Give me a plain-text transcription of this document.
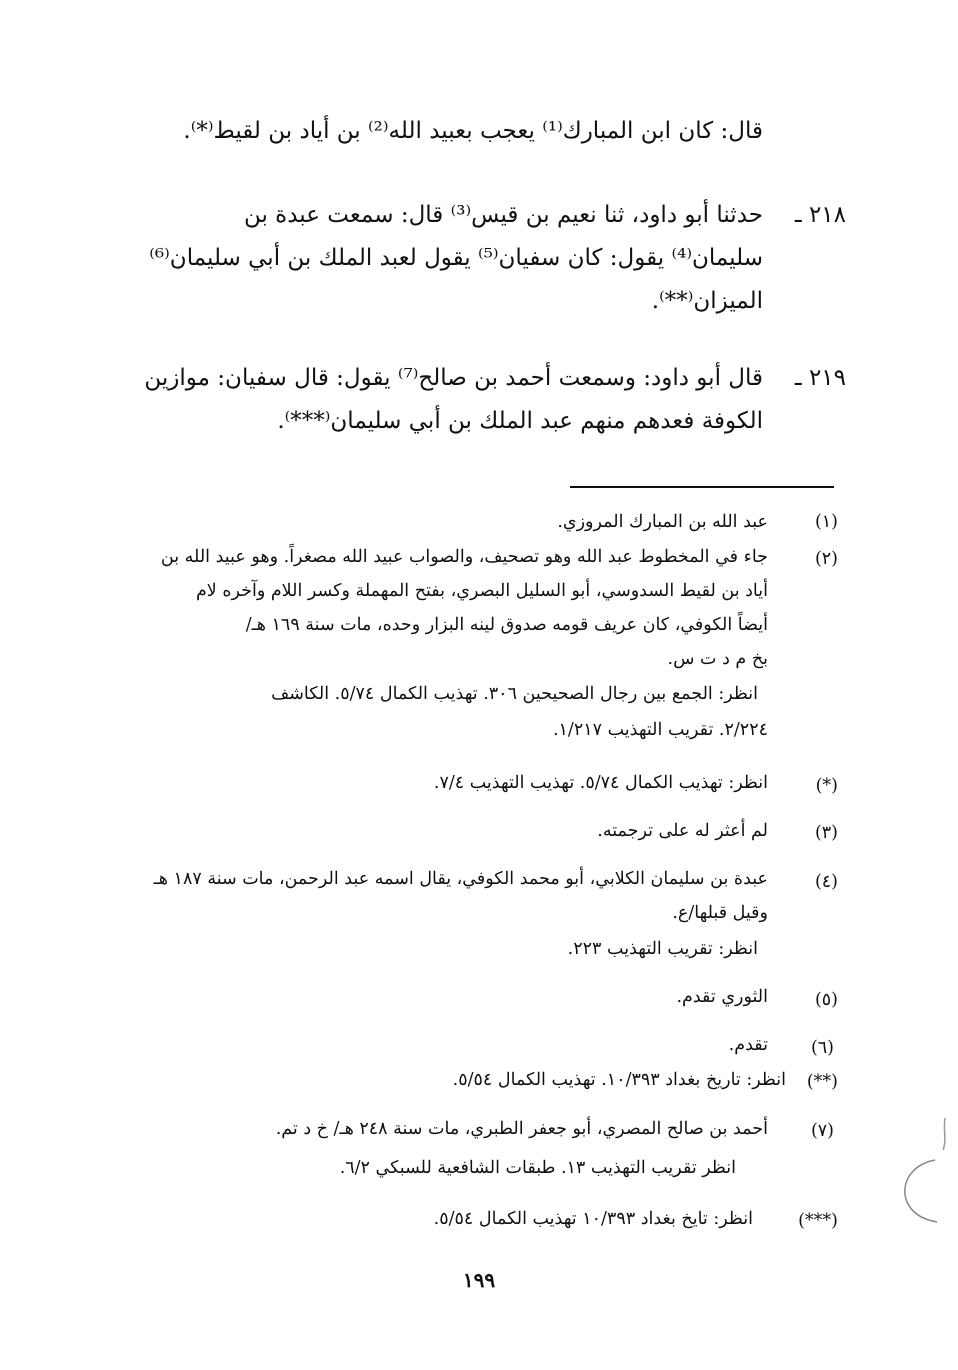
قال: كان ابن المبارك⁽¹⁾ يعجب بعبيد الله⁽²⁾ بن أياد بن لقيط⁽*⁾.
٢١٨ ـ
حدثنا أبو داود، ثنا نعيم بن قيس⁽³⁾ قال: سمعت عبدة بن
سليمان⁽⁴⁾ يقول: كان سفيان⁽⁵⁾ يقول لعبد الملك بن أبي سليمان⁽⁶⁾
الميزان⁽**⁾.
٢١٩ ـ
قال أبو داود: وسمعت أحمد بن صالح⁽⁷⁾ يقول: قال سفيان: موازين
الكوفة فعدهم منهم عبد الملك بن أبي سليمان⁽***⁾.
(١)
عبد الله بن المبارك المروزي.
(٢)
جاء في المخطوط عبد الله وهو تصحيف، والصواب عبيد الله مصغراً. وهو عبيد الله بن
أياد بن لقيط السدوسي، أبو السليل البصري، بفتح المهملة وكسر اللام وآخره لام
أيضاً الكوفي، كان عريف قومه صدوق لينه البزار وحده، مات سنة ١٦٩ هـ/
بخ م د ت س.
انظر: الجمع بين رجال الصحيحين ٣٠٦. تهذيب الكمال ٥/٧٤. الكاشف
٢/٢٢٤. تقريب التهذيب ١/٢١٧.
(*)
انظر: تهذيب الكمال ٥/٧٤. تهذيب التهذيب ٧/٤.
(٣)
لم أعثر له على ترجمته.
(٤)
عبدة بن سليمان الكلابي، أبو محمد الكوفي، يقال اسمه عبد الرحمن، مات سنة ١٨٧ هـ
وقيل قبلها/ع.
انظر: تقريب التهذيب ٢٢٣.
(٥)
الثوري تقدم.
(٦)
تقدم.
(**)
انظر: تاريخ بغداد ١٠/٣٩٣. تهذيب الكمال ٥/٥٤.
(٧)
أحمد بن صالح المصري، أبو جعفر الطبري، مات سنة ٢٤٨ هـ/ خ د تم.
انظر تقريب التهذيب ١٣. طبقات الشافعية للسبكي ٦/٢.
(***)
انظر: تايخ بغداد ١٠/٣٩٣ تهذيب الكمال ٥/٥٤.
١٩٩
